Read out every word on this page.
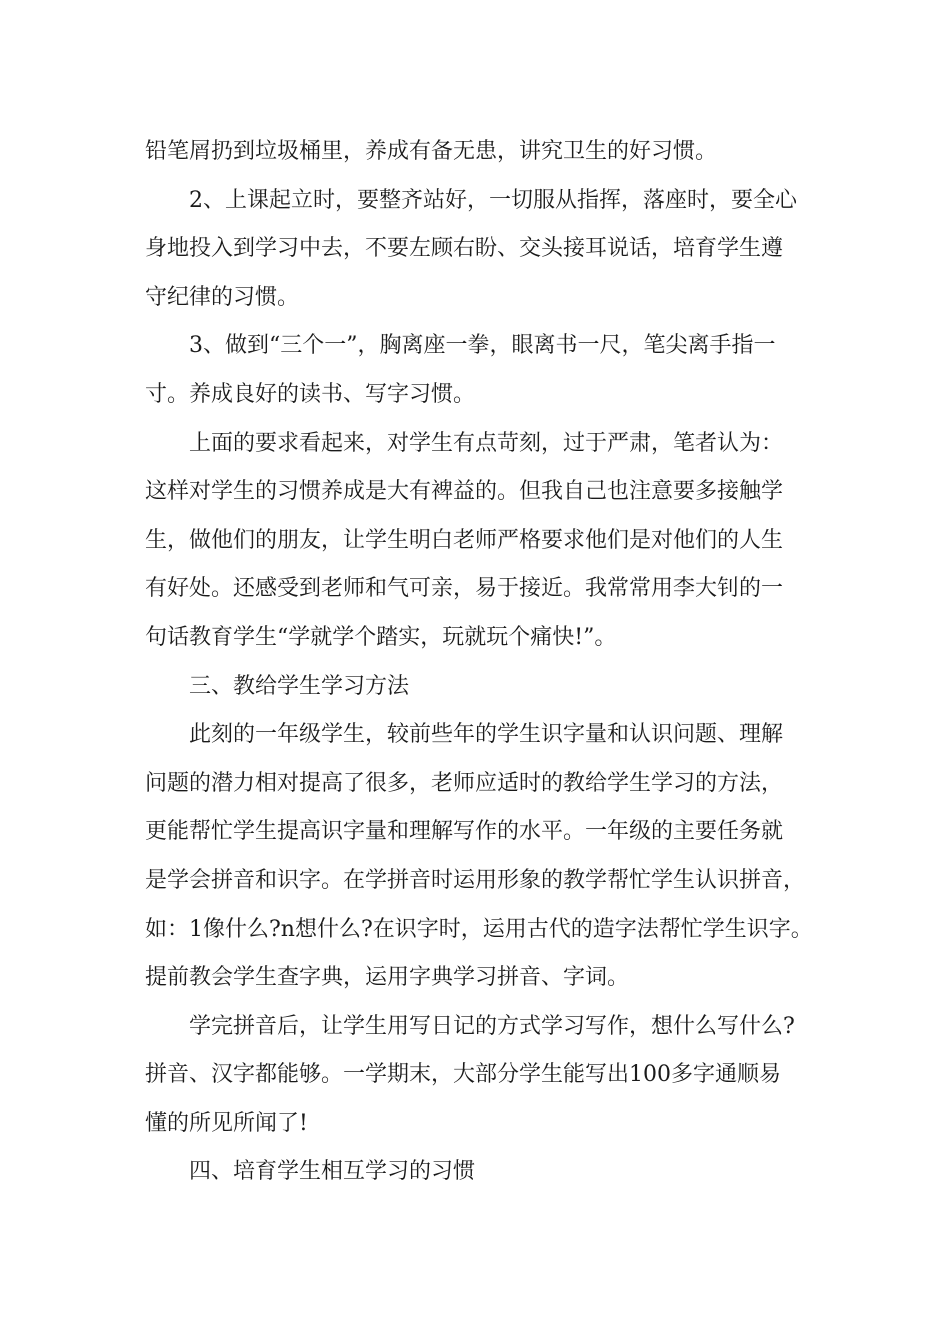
铅笔屑扔到垃圾桶里，养成有备无患，讲究卫生的好习惯。
2、上课起立时，要整齐站好，一切服从指挥，落座时，要全心
身地投入到学习中去，不要左顾右盼、交头接耳说话，培育学生遵
守纪律的习惯。
3、做到“三个一”，胸离座一拳，眼离书一尺，笔尖离手指一
寸。养成良好的读书、写字习惯。
上面的要求看起来，对学生有点苛刻，过于严肃，笔者认为：
这样对学生的习惯养成是大有裨益的。但我自己也注意要多接触学
生，做他们的朋友，让学生明白老师严格要求他们是对他们的人生
有好处。还感受到老师和气可亲，易于接近。我常常用李大钊的一
句话教育学生“学就学个踏实，玩就玩个痛快!”。
三、教给学生学习方法
此刻的一年级学生，较前些年的学生识字量和认识问题、理解
问题的潜力相对提高了很多，老师应适时的教给学生学习的方法，
更能帮忙学生提高识字量和理解写作的水平。一年级的主要任务就
是学会拼音和识字。在学拼音时运用形象的教学帮忙学生认识拼音，
如：1像什么?n想什么?在识字时，运用古代的造字法帮忙学生识字。
提前教会学生查字典，运用字典学习拼音、字词。
学完拼音后，让学生用写日记的方式学习写作，想什么写什么?
拼音、汉字都能够。一学期末，大部分学生能写出100多字通顺易
懂的所见所闻了!
四、培育学生相互学习的习惯
